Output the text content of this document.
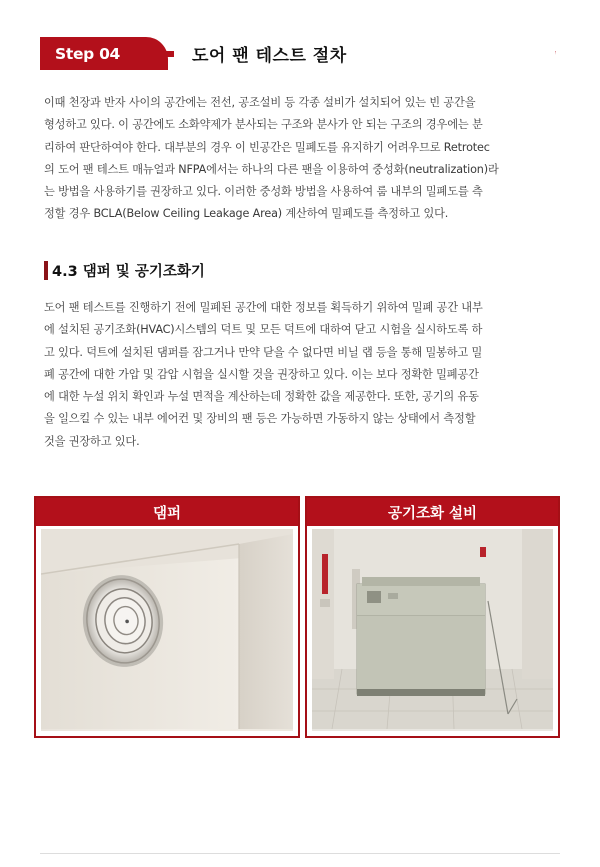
Step 04	도어 팬 테스트 절차
이때 천장과 반자 사이의 공간에는 전선, 공조설비 등 각종 설비가 설치되어 있는 빈 공간을
형성하고 있다. 이 공간에도 소화약제가 분사되는 구조와 분사가 안 되는 구조의 경우에는 분
리하여 판단하여야 한다. 대부분의 경우 이 빈공간은 밀폐도를 유지하기 어려우므로 Retrotec
의 도어 팬 테스트 매뉴얼과 NFPA에서는 하나의 다른 팬을 이용하여 중성화(neutralization)라
는 방법을 사용하기를 권장하고 있다. 이러한 중성화 방법을 사용하여 룸 내부의 밀폐도를 측
정할 경우 BCLA(Below Ceiling Leakage Area) 계산하여 밀폐도를 측정하고 있다.
4.3 댐퍼 및 공기조화기
도어 팬 테스트를 진행하기 전에 밀폐된 공간에 대한 정보를 획득하기 위하여 밀폐 공간 내부
에 설치된 공기조화(HVAC)시스템의 덕트 및 모든 덕트에 대하여 닫고 시험을 실시하도록 하
고 있다. 덕트에 설치된 댐퍼를 잠그거나 만약 닫을 수 없다면 비닐 랩 등을 통해 밀봉하고 밀
폐 공간에 대한 가압 및 감압 시험을 실시할 것을 권장하고 있다. 이는 보다 정확한 밀폐공간
에 대한 누설 위치 확인과 누설 면적을 계산하는데 정확한 값을 제공한다. 또한, 공기의 유동
을 일으킬 수 있는 내부 에어컨 및 장비의 팬 등은 가능하면 가동하지 않는 상태에서 측정할
것을 권장하고 있다.
댐퍼	공기조화 설비
